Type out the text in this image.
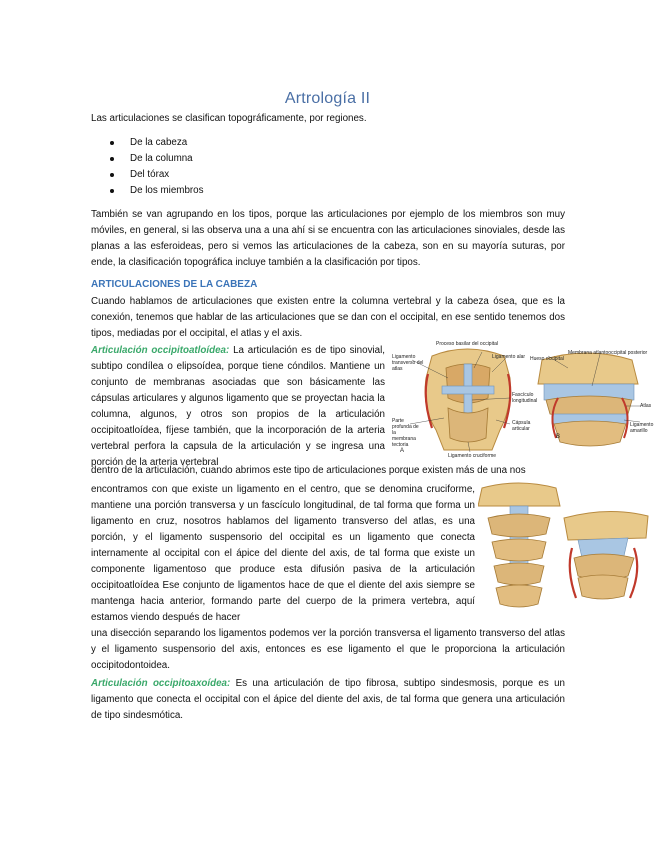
Artrología II
Las articulaciones se clasifican topográficamente, por regiones.
De la cabeza
De la columna
Del tórax
De los miembros
También se van agrupando en los tipos, porque las articulaciones por ejemplo de los miembros son muy móviles, en general, si las observa una a una ahí si se encuentra con las articulaciones sinoviales, desde las planas a las esferoideas, pero si vemos las articulaciones de la cabeza, son en su mayoría suturas, por ende, la clasificación topográfica incluye también a la clasificación por tipos.
ARTICULACIONES DE LA CABEZA
Cuando hablamos de articulaciones que existen entre la columna vertebral y la cabeza ósea, que es la conexión, tenemos que hablar de las articulaciones que se dan con el occipital, en ese sentido tenemos dos tipos, mediadas por el occipital, el atlas y el axis.
Articulación occipitoatloídea: La articulación es de tipo sinovial, subtipo condílea o elipsoídea, porque tiene cóndilos. Mantiene un conjunto de membranas asociadas que son básicamente las cápsulas articulares y algunos ligamento que se proyectan hacia la columna, algunos, y otros son propios de la articulación occipitoatloídea, fíjese también, que la incorporación de la arteria vertebral perfora la capsula de la articulación y se ingresa una porción de la arteria vertebral
dentro de la articulación, cuando abrimos este tipo de articulaciones porque existen más de una nos
encontramos con que existe un ligamento en el centro, que se denomina cruciforme, mantiene una porción transversa y un fascículo longitudinal, de tal forma que forma un ligamento en cruz, nosotros hablamos del ligamento transverso del atlas, es una porción, y el ligamento suspensorio del occipital es un ligamento que conecta internamente al occipital con el ápice del diente del axis, de tal forma que existe un componente ligamentoso que produce esta difusión pasiva de la articulación occipitoatloídea Ese conjunto de ligamentos hace de que el diente del axis siempre se mantenga hacia anterior, formando parte del cuerpo de la primera vertebra, aquí estamos viendo después de hacer
una disección separando los ligamentos podemos ver la porción transversa el ligamento transverso del atlas y el ligamento suspensorio del axis, entonces es ese ligamento el que le proporciona la articulación occipitodontoidea.
Articulación occipitoaxoídea: Es una articulación de tipo fibrosa, subtipo sindesmosis, porque es un ligamento que conecta el occipital con el ápice del diente del axis, de tal forma que genera una articulación de tipo sindesmótica.
Proceso basilar del occipital
Ligamento transverso del atlas
Ligamento alar
Fascículo longitudinal
Cápsula articular
Parte profunda de la membrana tectoria
Ligamento cruciforme
A
Hueso occipital
Membrana atlantooccipital posterior
Atlas
Ligamento amarillo
B
